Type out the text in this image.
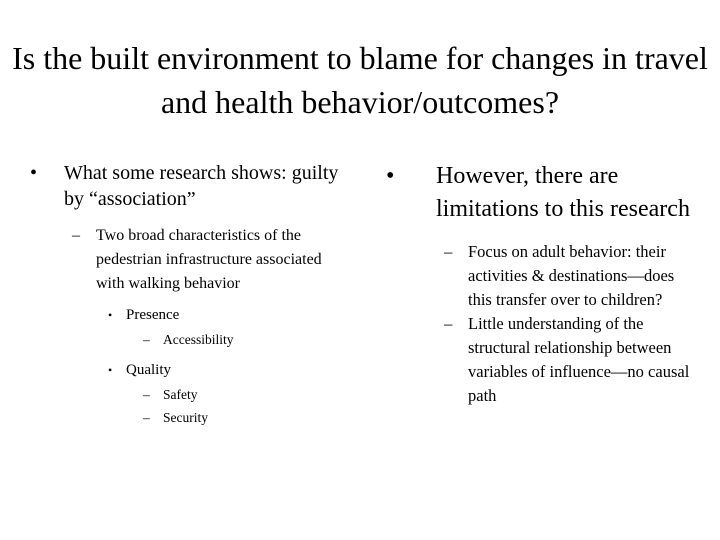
Is the built environment to blame for changes in travel and health behavior/outcomes?
• What some research shows: guilty by “association”
– Two broad characteristics of the pedestrian infrastructure associated with walking behavior
• Presence
– Accessibility
• Quality
– Safety
– Security
• However, there are limitations to this research
– Focus on adult behavior: their activities & destinations—does this transfer over to children?
– Little understanding of the structural relationship between variables of influence—no causal path
